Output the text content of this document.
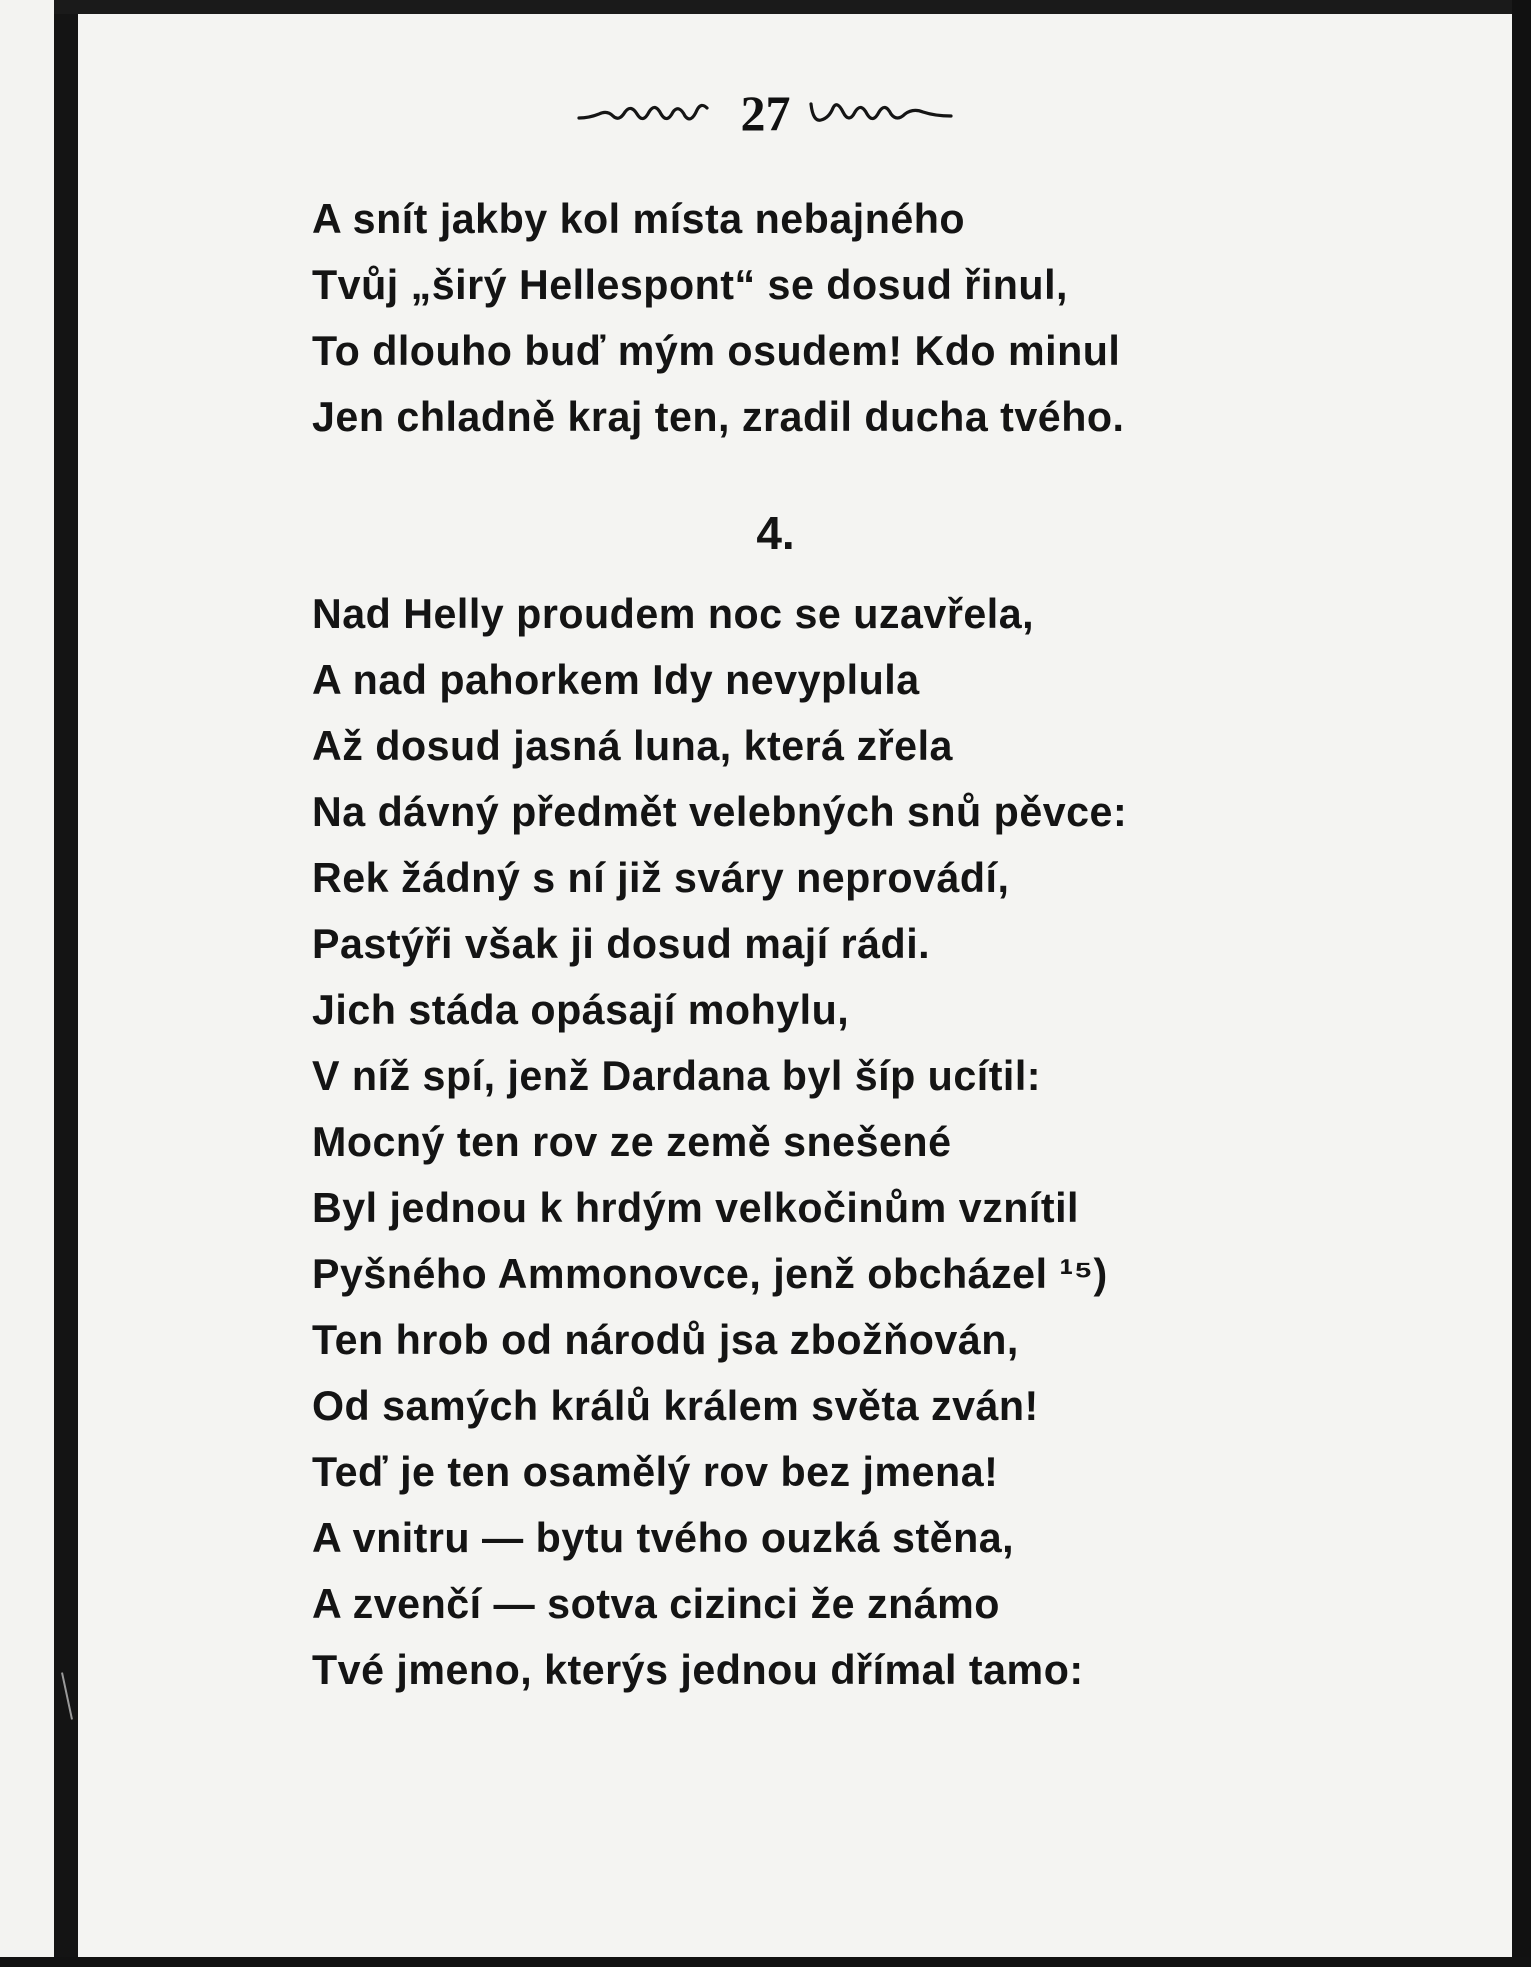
27
A snít jakby kol místa nebajného
Tvůj „širý Hellespont“ se dosud řinul,
To dlouho buď mým osudem! Kdo minul
Jen chladně kraj ten, zradil ducha tvého.
4.
Nad Helly proudem noc se uzavřela,
A nad pahorkem Idy nevyplula
Až dosud jasná luna, která zřela
Na dávný předmět velebných snů pěvce:
Rek žádný s ní již sváry neprovádí,
Pastýři však ji dosud mají rádi.
Jich stáda opásají mohylu,
V níž spí, jenž Dardana byl šíp ucítil:
Mocný ten rov ze země snešené
Byl jednou k hrdým velkočinům vznítil
Pyšného Ammonovce, jenž obcházel ¹⁵)
Ten hrob od národů jsa zbožňován,
Od samých králů králem světa zván!
Teď je ten osamělý rov bez jmena!
A vnitru — bytu tvého ouzká stěna,
A zvenčí — sotva cizinci že známo
Tvé jmeno, kterýs jednou dřímal tamo:
